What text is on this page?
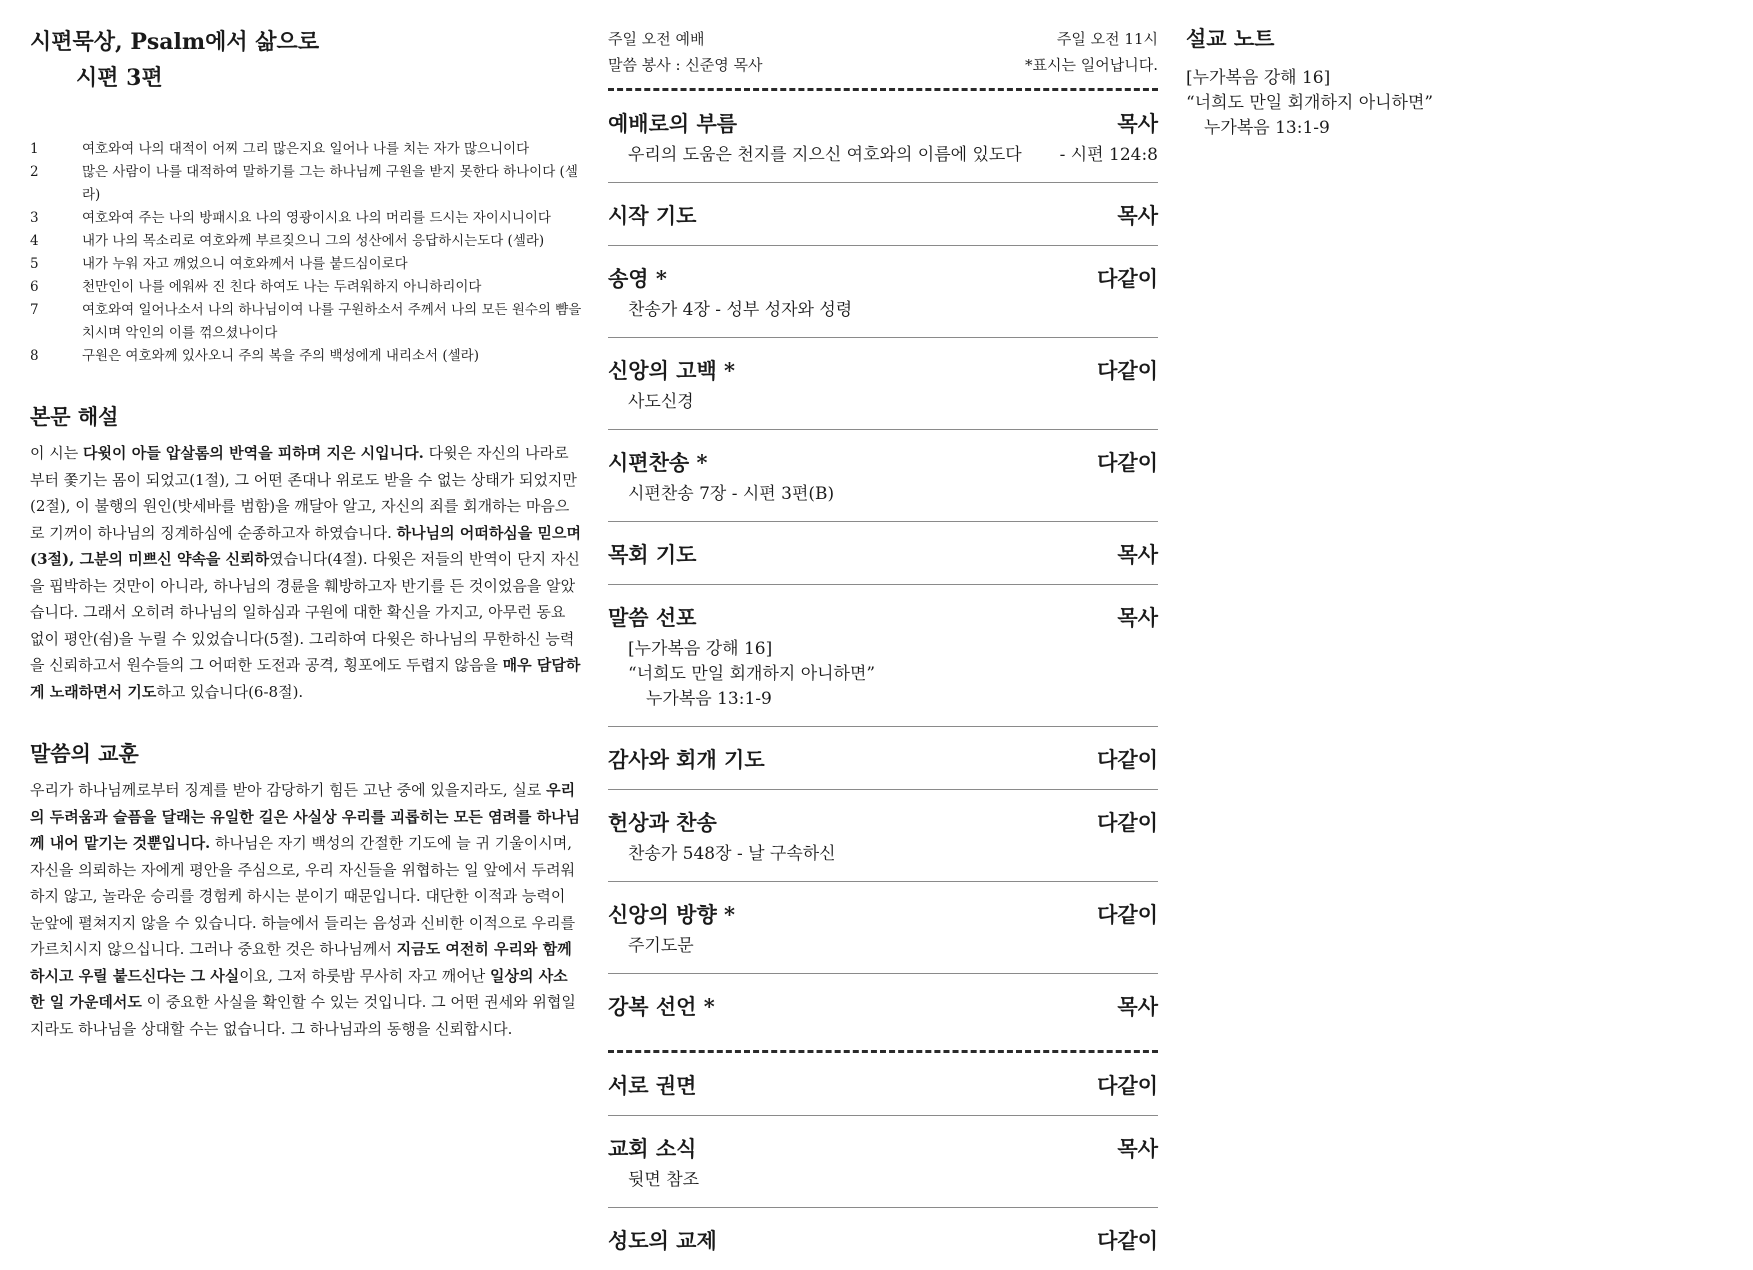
시편묵상, Psalm에서 삶으로
시편 3편
1	여호와여 나의 대적이 어찌 그리 많은지요 일어나 나를 치는 자가 많으니이다
2	많은 사람이 나를 대적하여 말하기를 그는 하나님께 구원을 받지 못한다 하나이다 (셀라)
3	여호와여 주는 나의 방패시요 나의 영광이시요 나의 머리를 드시는 자이시니이다
4	내가 나의 목소리로 여호와께 부르짖으니 그의 성산에서 응답하시는도다 (셀라)
5	내가 누워 자고 깨었으니 여호와께서 나를 붙드심이로다
6	천만인이 나를 에워싸 진 친다 하여도 나는 두려워하지 아니하리이다
7	여호와여 일어나소서 나의 하나님이여 나를 구원하소서 주께서 나의 모든 원수의 뺨을 치시며 악인의 이를 꺾으셨나이다
8	구원은 여호와께 있사오니 주의 복을 주의 백성에게 내리소서 (셀라)
본문 해설

이 시는 다윗이 아들 압살롬의 반역을 피하며 지은 시입니다. 다윗은 자신의 나라로부터 쫓기는 몸이 되었고(1절), 그 어떤 존대나 위로도 받을 수 없는 상태가 되었지만(2절), 이 불행의 원인(밧세바를 범함)을 깨달아 알고, 자신의 죄를 회개하는 마음으로 기꺼이 하나님의 징계하심에 순종하고자 하였습니다. 하나님의 어떠하심을 믿으며(3절), 그분의 미쁘신 약속을 신뢰하였습니다(4절). 다윗은 저들의 반역이 단지 자신을 핍박하는 것만이 아니라, 하나님의 경륜을 훼방하고자 반기를 든 것이었음을 알았습니다. 그래서 오히려 하나님의 일하심과 구원에 대한 확신을 가지고, 아무런 동요 없이 평안(쉼)을 누릴 수 있었습니다(5절). 그리하여 다윗은 하나님의 무한하신 능력을 신뢰하고서 원수들의 그 어떠한 도전과 공격, 횡포에도 두렵지 않음을 매우 담담하게 노래하면서 기도하고 있습니다(6-8절).

말씀의 교훈

우리가 하나님께로부터 징계를 받아 감당하기 힘든 고난 중에 있을지라도, 실로 우리의 두려움과 슬픔을 달래는 유일한 길은 사실상 우리를 괴롭히는 모든 염려를 하나님께 내어 맡기는 것뿐입니다. 하나님은 자기 백성의 간절한 기도에 늘 귀 기울이시며, 자신을 의뢰하는 자에게 평안을 주심으로, 우리 자신들을 위협하는 일 앞에서 두려워하지 않고, 놀라운 승리를 경험케 하시는 분이기 때문입니다. 대단한 이적과 능력이 눈앞에 펼쳐지지 않을 수 있습니다. 하늘에서 들리는 음성과 신비한 이적으로 우리를 가르치시지 않으십니다. 그러나 중요한 것은 하나님께서 지금도 여전히 우리와 함께하시고 우릴 붙드신다는 그 사실이요, 그저 하룻밤 무사히 자고 깨어난 일상의 사소한 일 가운데서도 이 중요한 사실을 확인할 수 있는 것입니다. 그 어떤 권세와 위협일지라도 하나님을 상대할 수는 없습니다. 그 하나님과의 동행을 신뢰합시다.

주일 오전 예배	주일 오전 11시
말씀 봉사 : 신준영 목사	*표시는 일어납니다.
예배로의 부름	목사
우리의 도움은 천지를 지으신 여호와의 이름에 있도다 - 시편 124:8
시작 기도	목사
송영 *	다같이
찬송가 4장 - 성부 성자와 성령
신앙의 고백 *	다같이
사도신경
시편찬송 *	다같이
시편찬송 7장 - 시편 3편(B)
목회 기도	목사
말씀 선포	목사
[누가복음 강해 16]
“너희도 만일 회개하지 아니하면”
누가복음 13:1-9
감사와 회개 기도	다같이
헌상과 찬송	다같이
찬송가 548장 - 날 구속하신
신앙의 방향 *	다같이
주기도문
강복 선언 *	목사
서로 권면	다같이
교회 소식	목사
뒷면 참조
성도의 교제	다같이
설교 노트
[누가복음 강해 16]
“너희도 만일 회개하지 아니하면”
누가복음 13:1-9
